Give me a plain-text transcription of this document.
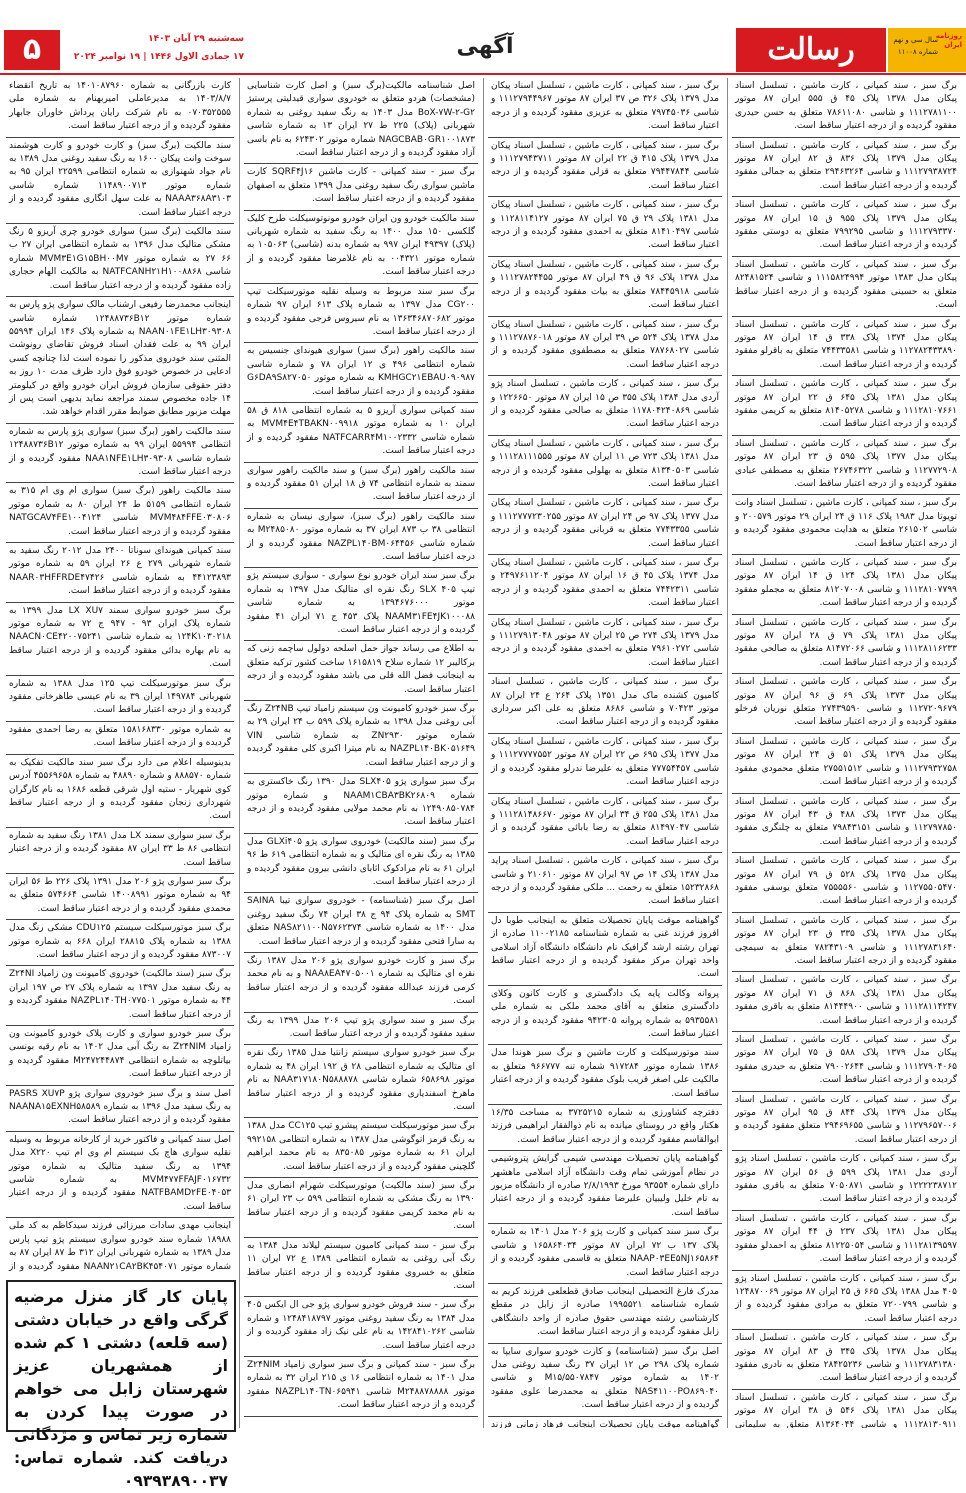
۵	سه‌شنبه ۲۹ آبان ۱۴۰۳
۱۷ جمادی الاول ۱۴۴۶ | ۱۹ نوامبر ۲۰۲۴	آگهی	رسالت	روزنامه ایران
سال سی و نهم
شماره ۱۱۰۰۸
برگ سبز ، سند کمپانی ، کارت ماشین ، تسلسل اسناد پیکان مدل ۱۳۷۸ پلاک ۴۵ ق ۵۵۵ ایران ۸۷ موتور ۱۱۱۲۷۸۱۱۰۰ و شاسی ۷۸۶۱۱۰۸۰ متعلق به حسن حیدری مفقود گردیده و از درجه اعتبار ساقط است.
برگ سبز ، سند کمپانی ، کارت ماشین ، تسلسل اسناد پیکان مدل ۱۳۷۹ پلاک ۸۳۶ ق ۸۲ ایران ۸۷ موتور ۱۱۱۲۷۹۳۸۷۲۴ و شاسی ۲۹۴۶۳۲۶۴ متعلق به جمالی مفقود گردیده و از درجه اعتبار ساقط است.
برگ سبز ، سند کمپانی ، کارت ماشین ، تسلسل اسناد پیکان مدل ۱۳۷۹ پلاک ۹۵۵ ق ۱۵ ایران ۸۷ موتور ۱۱۱۲۷۹۳۳۷۰ و شاسی ۷۹۹۲۹۵ متعلق به دوستی مفقود گردیده و از درجه اعتبار ساقط است.
برگ سبز ، سند کمپانی ، کارت ماشین ، تسلسل اسناد پیکان مدل ۱۳۸۳ موتور ۱۱۱۵۸۲۴۹۹۴ و شاسی ۸۲۴۸۱۵۲۴ متعلق به حسینی مفقود گردیده و از درجه اعتبار ساقط است.
برگ سبز ، سند کمپانی ، کارت ماشین ، تسلسل اسناد پیکان مدل ۱۳۷۴ پلاک ۳۳۸ ق ۱۴ ایران ۸۷ موتور ۱۱۲۷۸۲۴۳۳۸۹۰ و شاسی ۷۴۴۳۳۵۸۱ متعلق به باقرلو مفقود گردیده و از درجه اعتبار ساقط است.
برگ سبز ، سند کمپانی ، کارت ماشین ، تسلسل اسناد پیکان مدل ۱۳۸۱ پلاک ۶۴۵ ق ۲۲ ایران ۸۷ موتور ۱۱۱۲۸۱۰۷۶۶۱ و شاسی ۸۱۴۰۵۲۷۸ متعلق به کریمی مفقود گردیده و از درجه اعتبار ساقط است.
برگ سبز ، سند کمپانی ، کارت ماشین ، تسلسل اسناد پیکان مدل ۱۳۷۷ پلاک ۵۹۵ ق ۲۳ ایران ۸۷ موتور ۱۱۲۷۷۲۹۰۸ و شاسی ۲۶۷۴۶۳۲۲ متعلق به مصطفی عبادی مفقود گردیده و از درجه اعتبار ساقط است.
برگ سبز ، سند کمپانی ، کارت ماشین ، تسلسل اسناد وانت تویوتا مدل ۱۹۸۳ پلاک ۱۱۶ ق ۲۴ ایران ۲۹ موتور ۲۰۰۵۷۹ و شاسی ۲۶۱۵۰۲ متعلق به هدایت محمودی مفقود گردیده و از درجه اعتبار ساقط است.
برگ سبز ، سند کمپانی ، کارت ماشین ، تسلسل اسناد پیکان مدل ۱۳۸۱ پلاک ۱۲۴ ق ۱۴ ایران ۸۷ موتور ۱۱۱۲۸۱۰۷۷۹۹ و شاسی ۸۱۲۰۷۰۰۸ متعلق به مجملو مفقود گردیده و از درجه اعتبار ساقط است.
برگ سبز ، سند کمپانی ، کارت ماشین ، تسلسل اسناد پیکان مدل ۱۳۸۱ پلاک ۷۹ ق ۲۸ ایران ۸۷ موتور ۱۱۱۲۸۱۱۶۲۳۳ و شاسی ۸۱۴۷۲۰۶۶ متعلق به صالحی مفقود گردیده و از درجه اعتبار ساقط است.
برگ سبز ، سند کمپانی ، کارت ماشین ، تسلسل اسناد پیکان مدل ۱۳۷۳ پلاک ۶۹ ق ۹۶ ایران ۸۷ موتور ۱۱۲۷۲۰۹۶۷۹ و شاسی ۲۷۴۳۹۵۹۰ متعلق نوریان فرخلو مفقود گردیده و از درجه اعتبار ساقط است.
برگ سبز ، سند کمپانی ، کارت ماشین ، تسلسل اسناد پیکان مدل ۱۳۷۹ پلاک ۵۱ ق ۲۴ ایران ۸۷ موتور ۱۱۱۲۷۹۳۲۷۵۸ و شاسی ۲۷۵۵۱۵۱۲ متعلق محمودی مفقود گردیده و از درجه اعتبار ساقط است.
برگ سبز ، سند کمپانی ، کارت ماشین ، تسلسل اسناد پیکان مدل ۱۳۷۳ پلاک ۴۸۸ ق ۴۳ ایران ۸۷ موتور ۱۱۲۷۹۷۸۵۰ و شاسی ۷۹۸۴۳۱۵۱ متعلق به چلنگری مفقود گردیده و از درجه اعتبار ساقط است.
برگ سبز ، سند کمپانی ، کارت ماشین ، تسلسل اسناد پیکان مدل ۱۳۷۵ پلاک ۵۲۸ ق ۷۹ ایران ۸۷ موتور ۱۱۲۷۵۵۰۵۴۷۰ و شاسی ۷۵۵۵۵۶۰ متعلق یوسفی مفقود گردیده و از درجه اعتبار ساقط است.
برگ سبز ، سند کمپانی ، کارت ماشین ، تسلسل اسناد پیکان مدل ۱۳۷۸ پلاک ۳۳۵ ق ۲۳ ایران ۸۷ موتور ۱۱۱۲۷۸۳۱۶۴۰ و شاسی ۷۸۲۴۳۱۰۹ متعلق به سیمچی مفقود گردیده و از درجه اعتبار ساقط است.
برگ سبز ، سند کمپانی ، کارت ماشین ، تسلسل اسناد پیکان مدل ۱۳۸۱ پلاک ۸۶۸ ق ۷۱ ایران ۸۷ موتور ۱۱۱۲۸۱۱۴۲۴۷ و شاسی ۸۱۴۴۴۹۰۰ متعلق به باقری مفقود گردیده و از درجه اعتبار ساقط است.
برگ سبز ، سند کمپانی ، کارت ماشین ، تسلسل اسناد پیکان مدل ۱۳۷۹ پلاک ۵۸۸ ق ۷۵ ایران ۸۷ موتور ۱۱۱۲۷۹۰۴۰۶۵ و شاسی ۷۹۰۰۲۶۴۴ متعلق به حیدری مفقود گردیده و از درجه اعتبار ساقط است.
برگ سبز ، سند کمپانی ، کارت ماشین ، تسلسل اسناد پیکان مدل ۱۳۷۹ پلاک ۸۴۴ ق ۹۵ ایران ۸۷ موتور ۱۱۲۷۹۶۵۷۰۰۶ و شاسی ۲۹۴۶۹۶۵۵ متعلق مفقود گردیده و از درجه اعتبار ساقط است.
برگ سبز ، سند کمپانی ، کارت ماشین ، تسلسل اسناد پژو آردی مدل ۱۳۸۱ پلاک ۵۹۹ ق ۵۶ ایران ۸۷ موتور ۱۲۲۲۲۳۸۷۱۲ و شاسی ۷۰۵۰۸۷۱ متعلق به باقری مفقود گردیده و از درجه اعتبار ساقط است.
برگ سبز ، سند کمپانی ، کارت ماشین ، تسلسل اسناد پیکان مدل ۱۳۸۱ پلاک ۲۳۷ ق ۴۴ ایران ۸۷ موتور ۱۱۱۲۸۱۳۹۵۹۷ و شاسی ۸۱۲۲۵۰۵۴ متعلق به احمدلو مفقود گردیده و از درجه اعتبار ساقط است.
برگ سبز ، سند کمپانی ، کارت ماشین ، تسلسل اسناد پژو ۴۰۵ مدل ۱۳۸۸ پلاک ۶۶۵ ق ۲۵ ایران ۸۷ موتور ۱۲۴۸۷۰۰۶۹ و شاسی ۷۲۰۰۷۹۹ متعلق به مرادی مفقود گردیده و از درجه اعتبار ساقط است.
برگ سبز ، سند کمپانی ، کارت ماشین ، تسلسل اسناد پیکان مدل ۱۳۷۸ پلاک ۳۴۵ ق ۸۳ ایران ۸۷ موتور ۱۱۱۲۷۸۳۱۳۸۰ و شاسی ۲۸۴۲۵۲۳۶ متعلق به نادری مفقود گردیده و از درجه اعتبار ساقط است.
برگ سبز ، سند کمپانی ، کارت ماشین ، تسلسل اسناد پیکان مدل ۱۳۸۱ پلاک ۵۴۶ ق ۳۸ ایران ۸۷ موتور ۱۱۱۲۸۱۳۰۹۱۱ و شاسی ۸۱۳۶۴۰۴۴ متعلق به سلیمانی
برگ سبز ، سند کمپانی ، کارت ماشین ، تسلسل اسناد پیکان مدل ۱۳۷۹ پلاک ۳۲۶ ص ۳۷ ایران ۸۷ موتور ۱۱۱۲۷۹۴۴۹۶۷ و شاسی ۷۹۷۴۵۰۳۶ متعلق به عزیزی مفقود گردیده و از درجه اعتبار ساقط است.
برگ سبز ، سند کمپانی ، کارت ماشین ، تسلسل اسناد پیکان مدل ۱۳۷۹ پلاک ۴۱۵ ق ۲۲ ایران ۸۷ موتور ۱۱۱۲۷۹۴۳۷۱۱ و شاسی ۷۹۴۴۷۸۴۴ متعلق به قزلی مفقود گردیده و از درجه اعتبار ساقط است.
برگ سبز ، سند کمپانی ، کارت ماشین ، تسلسل اسناد پیکان مدل ۱۳۸۱ پلاک ۲۹ ق ۷۵ ایران ۸۷ موتور ۱۱۲۸۱۱۴۱۲۷ و شاسی ۸۱۴۱۰۴۹۷ متعلق به احمدی مفقود گردیده و از درجه اعتبار ساقط است.
برگ سبز ، سند کمپانی ، کارت ماشین ، تسلسل اسناد پیکان مدل ۱۳۷۸ پلاک ۹۶ ق ۴۹ ایران ۸۷ موتور ۱۱۱۲۷۸۲۴۴۵۵ و شاسی ۷۸۴۴۵۹۱۸ متعلق به بیات مفقود گردیده و از درجه اعتبار ساقط است.
برگ سبز ، سند کمپانی ، کارت ماشین ، تسلسل اسناد پیکان مدل ۱۳۷۸ پلاک ۵۲۴ ص ۳۹ ایران ۸۷ موتور ۱۱۱۲۷۸۷۶۰۱۸ و شاسی ۷۸۷۶۸۰۲۷ متعلق به مصطفوی مفقود گردیده و از درجه اعتبار ساقط است.
برگ سبز ، سند کمپانی ، کارت ماشین ، تسلسل اسناد پژو آردی مدل ۱۳۸۴ پلاک ۳۵۵ ص ۱۵ ایران ۸۷ موتور ۱۲۲۶۶۵۰ و شاسی ۱۱۷۸۰۴۲۴۰۸۶۹ متعلق به صالحی مفقود گردیده و از درجه اعتبار ساقط است.
برگ سبز ، سند کمپانی ، کارت ماشین ، تسلسل اسناد پیکان مدل ۱۳۸۱ پلاک ۷۲۳ ص ۱۱ ایران ۸۷ موتور ۱۱۱۲۸۱۱۱۵۵۵ و شاسی ۸۱۳۴۰۵۰۳ متعلق به بهلولی مفقود گردیده و از درجه اعتبار ساقط است.
برگ سبز ، سند کمپانی ، کارت ماشین ، تسلسل اسناد پیکان مدل ۱۳۷۷ پلاک ۹۷ ص ۲۴ ایران ۸۷ موتور ۱۱۱۲۷۷۷۲۳۰۲۵۵ و شاسی ۷۷۴۳۳۵۵ متعلق به قربانی مفقود گردیده و از درجه اعتبار ساقط است.
برگ سبز ، سند کمپانی ، کارت ماشین ، تسلسل اسناد پیکان مدل ۱۳۷۴ پلاک ۴۵ ق ۱۶ ایران ۸۷ موتور ۲۴۹۷۶۱۱۲۰۴ و شاسی ۷۴۴۲۳۱۱ متعلق به احمدی مفقود گردیده و از درجه اعتبار ساقط است.
برگ سبز ، سند کمپانی ، کارت ماشین ، تسلسل اسناد پیکان مدل ۱۳۷۹ پلاک ۲۷۴ ص ۲۵ ایران ۸۷ موتور ۱۱۱۲۷۹۱۳۰۴۸ و شاسی ۷۹۶۱۰۲۷۲ متعلق به احمدی مفقود گردیده و از درجه اعتبار ساقط است.
برگ سبز ، سند کمپانی ، کارت ماشین ، تسلسل اسناد کامیون کشنده ماک مدل ۱۳۵۱ پلاک ۲۶۴ ع ۲۴ ایران ۸۷ موتور ۷۰۴۲۳ و شاسی ۸۶۸۶ متعلق به علی اکبر سرداری مفقود گردیده و از درجه اعتبار ساقط است.
برگ سبز ، سند کمپانی ، کارت ماشین ، تسلسل اسناد پیکان مدل ۱۳۷۷ پلاک ۶۹۵ ص ۲۲ ایران ۸۷ موتور ۱۱۱۲۷۷۷۷۵۵۲ و شاسی ۷۷۷۵۴۴۵۷ متعلق به علیرضا ندرلو مفقود گردیده و از درجه اعتبار ساقط است.
برگ سبز ، سند کمپانی ، کارت ماشین ، تسلسل اسناد پیکان مدل ۱۳۸۱ پلاک ۲۵۵ ق ۳۴ ایران ۸۷ موتور ۱۱۱۲۸۱۴۸۶۶۷۰ و شاسی ۸۱۴۹۷۰۴۷ متعلق به رضا بابائی مفقود گردیده و از درجه اعتبار ساقط است.
برگ سبز ، سند کمپانی ، کارت ماشین ، تسلسل اسناد پراید مدل ۱۳۸۷ پلاک ۱۴ ص ۹۷ ایران ۸۷ موتور ۲۱۰۶۱۰ و شاسی ۱۵۲۳۲۸۶۸ متعلق به رحمت ... ملکی مفقود گردیده و از درجه اعتبار ساقط است.
گواهینامه موقت پایان تحصیلات متعلق به اینجانب طوبا دل افروز فرزند غنی به شماره شناسنامه ۱۱۰۰۲۱۸۵ صادره از تهران رشته ارشد گرافیک نام دانشگاه دانشگاه آزاد اسلامی واحد تهران مرکز مفقود گردیده و از درجه اعتبار ساقط است.
پروانه وکالت پایه یک دادگستری و کارت کانون وکلای دادگستری متعلق به آقای محمد ملکی به شماره ملی ۵۹۳۵۵۸۱ به شماره پروانه ۹۴۲۳۰۵ مفقود گردیده و از درجه اعتبار ساقط است.
سند موتورسیکلت و کارت ماشین و برگ سبز هوندا مدل ۱۳۸۶ شماره موتور ۹۱۷۲۸۴ شماره تنه ۹۶۶۷۷۷ متعلق به مالکیت علی اصغر قریب بلوک مفقود گردیده و از درجه اعتبار ساقط است.
دفترچه کشاورزی به شماره ۳۷۲۵۲۱۵ به مساحت ۱۶/۳۵ هکتار واقع در روستای میانده به نام ذوالفقار ابراهیمی فرزند ابوالقاسم مفقود گردیده و از درجه اعتبار ساقط است.
گواهینامه پایان تحصیلات مهندسی شیمی گرایش پتروشیمی در نظام آموزشی تمام وقت دانشگاه آزاد اسلامی ماهشهر دارای شماره ۹۳۵۵۴ مورخ ۲/۸/۱۹۹۳ صادره از دانشگاه مزبور به نام خلیل ولیبیان علیرضا مفقود گردیده و از درجه اعتبار ساقط است.
برگ سبز سند کمپانی و کارت پژو ۲۰۶ مدل ۱۴۰۱ به شماره پلاک ۱۳۷ ب ۷۲ ایران ۸۷ موتور ۱۶۵۸۶۴۰۳۴ و شاسی NAAP۰۳EE۵NJ۱۶۵۸۶۴ متعلق به قاسمی مفقود گردیده و از درجه اعتبار ساقط است.
مدرک فارغ التحصیلی اینجانب صادق قطعلعی فرزند کریم به شماره شناسنامه ۱۹۹۵۵۲۱ صادره از زابل در مقطع کارشناسی رشته مهندسی حقوق صادره از واحد دانشگاهی زابل مفقود گردیده و از درجه اعتبار ساقط است.
اصل برگ سبز (شناسنامه) و کارت خودرو سواری سایپا به شماره پلاک ۲۹۸ ص ۱۲ ایران ۳۷ رنگ سفید روغنی مدل ۱۴۰۲ به شماره موتور M۱۵/۵۵۰۷۸۴۷ و شاسی NAS۴۱۱۰۰PO۸۶۹۰۴۰ متعلق به محمدرضا علوی مفقود گردیده و از درجه اعتبار ساقط است.
گواهینامه موقت پایان تحصیلات اینجانب فرهاد زمانی فرزند
اصل شناسنامه مالکیت(برگ سبز) و اصل کارت شناسایی (مشخصات) هردو متعلق به خودروی سواری قیدلیتی پرستیژ BoX-۷W-۲-G۲ مدل ۱۴۰۳ به رنگ سفید روغنی به شماره شهربانی (پلاک) ۲۲۵ ط ۲۷ ایران ۱۳ به شماره شاسی NAGCBAB۰GR۱۰۰۱۸۷۳ شماره موتور ۶۲۴۳۰۲ به نام باسی آزاد مفقود گردیده و از درجه اعتبار ساقط است.
برگ سبز - سند کمپانی - کارت ماشین SQRF۴J۱۶ کارت ماشین سواری رنگ سفید روغنی مدل ۱۳۹۹ متعلق به اصفهان مفقود گردیده و از درجه اعتبار ساقط است.
سند مالکیت خودرو ون ایران خودرو مونوتوسیکلت طرح کلیک گلکسی ۱۵۰ مدل ۱۴۰۰ به رنگ سفید به شماره شهربانی (پلاک) ۴۹۳۹۷ ایران ۹۹۷ به شماره بدنه (شاسی) ۱۰۵۰۶۳ به شماره موتور ۰۰۴۳۲۱ به نام غلامرضا مفقود گردیده و از درجه اعتبار ساقط است.
برگ سبز سند مربوط به وسیله نقلیه موتورسیکلت تیپ CG۲۰۰ مدل ۱۳۹۷ به شماره پلاک ۶۱۳ ایران ۹۷ شماره موتور ۱۳۶۳۴۶۸۷۰۶۸۲ به نام سیروس فرجی مفقود گردیده و از درجه اعتبار ساقط است.
سند مالکیت راهور (برگ سبز) سواری هیوندای جنسیس به شماره انتظامی ۴۹۶ ی ۱۲ ایران ۷۸ و شماره شاسی KMHGC۲۱EBAU۰۹۰۹۸۷ به شماره موتور G۶DA۹S۸۲۷۰۵۰ مفقود گردیده و از درجه اعتبار ساقط است.
سند کمپانی سواری آریزو ۵ به شماره انتظامی ۸۱۸ ق ۵۸ ایران ۱۰ به شماره موتور MVM۴E۴TBAKN۰۰۹۹۱۸ به شماره شاسی NATFCARR۴M۱۰۰۲۳۳۲ مفقود گردیده و از درجه اعتبار ساقط است.
سند مالکیت راهور (برگ سبز) و سند مالکیت راهور سواری سمند به شماره انتظامی ۷۴ ق ۱۸ ایران ۵۱ مفقود گردیده و از درجه اعتبار ساقط است.
سند مالکیت راهور (برگ سبز)، سواری نیسان به شماره انتظامی ۳۸ ب ۸۷۳ ایران ۳۷ به شماره موتور M۲۴۸۵۰۸۰ به شماره شاسی NAZPL۱۴۰BM۰۶۴۴۵۶ مفقود گردیده و از درجه اعتبار ساقط است.
برگ سبز سند ایران خودرو نوع سواری - سواری سیستم پژو تیپ SLX ۴۰۵ رنگ نقره ای متالیک مدل ۱۳۹۷ به شماره موتور ۱۳۹۴۶۷۶۰۰۰ به شماره شاسی NAAM۳۱FE۴JK۱۰۰۰۸۸ پلاک ۴۵۳ ج ۷۱ ایران ۴۱ مفقود گردیده و از درجه اعتبار ساقط است.
به اطلاع می رساند جواز حمل اسلحه دولول ساچمه زنی که برکالیبر ۱۲ شماره سلاح ۱۶۱۵۸۱۹ ساخت کشور ترکیه متعلق به اینجانب فضل الله قلی می باشد مفقود گردیده و از درجه اعتبار ساقط است.
برگ سبز خودرو کامیونت ون سیستم زامیاد تیپ Z۲۴NB رنگ آبی روغنی مدل ۱۳۹۸ به شماره پلاک ۵۹۹ ب ۲۴ ایران ۲۹ به شماره موتور ZN۲۹۳۰ به شماره شاسی VIN NAZPL۱۴۰BK۰۵۱۶۴۹ به نام میترا اکبری کلی مفقود گردیده و از درجه اعتبار ساقط است.
برگ سبز سواری پژو SLX۴۰۵ مدل ۱۳۹۰ رنگ خاکستری به شماره NAAM۱CBA۳BK۲۶۸۰۹ و شماره موتور ۱۲۴۹۰۸۵۰۷۸۴ به نام محمد مولایی مفقود گردیده و از درجه اعتبار ساقط است.
برگ سبز (سند مالکیت) خودروی سواری پژو GLXi۴۰۵ مدل ۱۳۸۵ به رنگ نقره ای متالیک و به شماره انتظامی ۶۱۹ ط ۹۶ ایران ۶۱ به نام مرادکوک اثابای دانشی بیرون مفقود گردیده و از درجه اعتبار ساقط است.
اصل برگ سبز (شناسنامه) - خودروی سواری تیبا SAINA SMT به شماره پلاک ۹۴ ج ۳۸ ایران ۷۴ رنگ سفید روغنی مدل ۱۴۰۰ به شماره شاسی NAS۸۲۱۱۰۰N۵۷۶۲۳۷۴ متعلق به سارا فتحی مفقود گردیده و از درجه اعتبار ساقط است.
برگ سبز و کارت خودرو سواری پژو ۲۰۶ مدل ۱۳۸۷ رنگ نقره ای متالیک به شماره NAA۸EA۴۷۰۵۰۰۱ و به نام محمد کرمی فرزند عبدالله مفقود گردیده و از درجه اعتبار ساقط است.
برگ سبز و سند سواری پژو تیپ ۲۰۶ مدل ۱۳۹۹ به رنگ سفید مفقود گردیده و از درجه اعتبار ساقط است.
برگ سبز خودرو سواری سیستم زانتیا مدل ۱۳۸۵ رنگ نقره ای متالیک به شماره انتظامی ۲۸ ق ۱۹۲ ایران ۴۸ به شماره موتور ۶۵۸۶۹۸ شماره شاسی NAA۳۱۷۱۸۰N۵۸۸۸۷۸ به نام ماهرخ اسفندیاری مفقود گردیده و از درجه اعتبار ساقط است.
برگ سبز موتورسیکلت سیستم پیشرو تیپ CC۱۲۵ مدل ۱۳۸۸ به رنگ قرمز اتوگوشی مدل ۱۳۸۷ به شماره انتظامی ۹۹۲۱۵۸ ایران ۶۱ به شماره موتور ۸۳۵۰۸۵ به نام محمد ابراهیم گلچینی مفقود گردیده و از درجه اعتبار ساقط است.
برگ سبز (سند مالکیت) موتورسیکلت شهرام انصاری مدل ۱۳۹۰ به رنگ مشکی به شماره انتظامی ۵۹۹ ب ۲۳ ایران ۶۱ به نام محمد کریمی مفقود گردیده و از درجه اعتبار ساقط است.
برگ سبز - سند کمپانی کامیون سیستم لیلاند مدل ۱۳۸۴ به رنگ آبی روغنی به شماره انتظامی ۱۳۸۹ ع ۷۲ ایران ۱۱ متعلق به خسروی مفقود گردیده و از درجه اعتبار ساقط است.
برگ سبز - سند فروش خودرو سواری پژو جی ال ایکس ۴۰۵ مدل ۱۳۸۴ به رنگ سفید روغنی موتور ۱۲۴۸۴۱۸۷۹۷ و شماره شاسی ۱۴۲۸۴۱۰۲۶۲ به نام علی نیک زاد مفقود گردیده و از درجه اعتبار ساقط است.
برگ سبز - سند کمپانی و برگ سبز سواری زامیاد Z۲۴NIM مدل ۱۴۰۱ به شماره انتظامی ۱۶ ی ۲۱۵ ایران ۳۲ به شماره موتور M۲۴۸۸۷۸۸۸۸ شاسی NAZPL۱۴۰TN۰۶۵۹۴۱ مفقود گردیده و از درجه اعتبار ساقط است.
کارت بازرگانی به شماره ۱۴۰۱۰۸۷۹۶۰ به تاریخ انقضاء ۱۴۰۳/۸/۷ به مدیرعاملی امیربهنام به شماره ملی ۰۷۰۳۵۲۵۵۵ به نام شرکت رایان پرداش خاوران جابهار مفقود گردیده و از درجه اعتبار ساقط است.
سند مالکیت (برگ سبز) و کارت خودرو و کارت هوشمند سوخت وانت پیکان ۱۶۰۰ به رنگ سفید روغنی مدل ۱۳۸۹ به نام جواد شهنوازی به شماره انتظامی ۲۲۵۹۹ ایران ۹۵ به شماره موتور ۱۱۴۸۹۰۰۷۱۳ شماره شاسی NAAA۳۶۸A۳۱۰۳ به علت سهل انگاری مفقود گردیده و از درجه اعتبار ساقط است.
سند مالکیت (برگ سبز) سواری خودرو چری آریزو ۵ رنگ مشکی متالیک مدل ۱۳۹۶ به شماره انتظامی ایران ۲۷ ب ۶۶ ۲۷ به شماره موتور MVM۳E۱G۱۵BH۰۰M۷ شماره شاسی NATFCANH۲۱H۱۰۰۸۸۶۸ به مالکیت الهام حجاری زاده مفقود گردیده و از درجه اعتبار ساقط است.
اینجانب محمدرضا رفیعی ارشناب مالک سواری پژو پارس به شماره موتور ۱۲۴۸۸۷۳۶B۱۲ شماره شاسی NAAN۰۱FE۱LH۳۰۹۳۰۸ به شماره پلاک ۱۴۶ ایران ۵۵۹۹۴ ایران ۹۹ به علت فقدان اسناد فروش تقاضای رونوشت المثنی سند خودروی مذکور را نموده است لذا چنانچه کسی ادعایی در خصوص خودرو فوق دارد ظرف مدت ۱۰ روز به دفتر حقوقی سازمان فروش ایران خودرو واقع در کیلومتر ۱۴ جاده مخصوص سمند مراجعه نماید بدیهی است پس از مهلت مزبور مطابق ضوابط مقرر اقدام خواهد شد.
سند مالکیت راهور (برگ سبز) سواری پژو پارس به شماره انتظامی ۵۵۹۹۴ ایران ۹۹ به شماره موتور ۱۲۴۸۸۷۳۶B۱۲ شماره شاسی NAA۱NFE۱LH۳۰۹۳۰۸ مفقود گردیده و از درجه اعتبار ساقط است.
سند مالکیت راهور (برگ سبز) سواری ام وی ام ۳۱۵ به شماره انتظامی ۵۱۵۹ ط ۲۴ ایران ۸۰ به شماره موتور MVM۴۸۴FFE۰۳۰۸۰۶ شاسی NATGCAV۴FE۱۰۰۴۱۲۴ مفقود گردیده و از درجه اعتبار ساقط است.
سند کمپانی هیوندای سوناتا ۲۴۰۰ مدل ۲۰۱۲ رنگ سفید به شماره شهربانی ۲۷۹ ع ۲۶ ایران ۵۹ به شماره موتور ۴۴۱۲۳۸۹۳ به شماره شاسی NAAR۰۳HFFRDE۴۷۴۲۶ مفقود گردیده و از درجه اعتبار ساقط است.
برگ سبز خودرو سواری سمند LX XU۷ مدل ۱۳۹۹ به شماره پلاک ایران ۹۳ - ۹۴۷ ج ۷۲ به شماره موتور ۱۲۴K۱۰۳۰۲۱۸ به شماره شاسی NAACN۰CE۴۲۰۰۷۵۲۴۱ به نام بهاره بدائی مفقود گردیده و از درجه اعتبار ساقط است.
برگ سبز موتورسیکلت تیپ ۱۲۵ مدل ۱۳۸۸ به شماره شهربانی ۱۴۹۷۸۴ ایران ۳۹ به نام عیسی طاهرخانی مفقود گردیده و از درجه اعتبار ساقط است.
به شماره موتور ۱۵۸۱۶۸۳۳۰ متعلق به رضا احمدی مفقود گردیده و از درجه اعتبار ساقط است.
بدینوسیله اعلام می دارد برگ سبز سند مالکیت تفکیک به شماره ۸۸۸۵۷۰ و شماره ۴۸۸۹۰ به شماره ۴۵۵۶۹۶۵۸ آدرس کوی شهریار - ستیه اول شرقی قطعه ۱۶۸۶ به نام کارگران شهرداری زنجان مفقود گردیده و از درجه اعتبار ساقط است.
برگ سبز سواری سمند LX مدل ۱۳۸۱ رنگ سفید به شماره انتظامی ۸۶ ط ۳۳ ایران ۸۷ مفقود گردیده و از درجه اعتبار ساقط است.
برگ سبز سواری پژو ۲۰۶ مدل ۱۳۹۱ پلاک ۲۲۶ ط ۵۶ ایران ۹۴ به شماره موتور ۱۴۰۰۸۹۹۱ شاسی ۵۷۴۶۶۴ متعلق به محمدی مفقود گردیده و از درجه اعتبار ساقط است.
برگ سبز موتورسیکلت سیستم CDU۱۲۵ مشکی رنگ مدل ۱۳۸۸ به شماره پلاک ۲۸۸۱۵ ایران ۶۶۸ به شماره موتور ۸۷۳۰۰۷ مفقود گردیده و از درجه اعتبار ساقط است.
برگ سبز (سند مالکیت) خودروی کامیونت ون زامیاد Z۲۴NI به رنگ سفید مدل ۱۳۹۷ به شماره پلاک ۲۷ ص ۱۹۷ ایران ۴۴ به شماره موتور NAZPL۱۴۰TH۰۷۷۵۰۱ مفقود گردیده و از درجه اعتبار ساقط است.
برگ سبز خودرو سواری و کارت پلاک خودرو کامیونت ون زامیاد Z۲۴NIM به رنگ آبی مدل ۱۴۰۲ به نام رقیه بونسی بیاتلوچه به شماره انتظامی M۲۴۷۲۴۴۸۷۴ مفقود گردیده و از درجه اعتبار ساقط است.
اصل سند و برگ سبز خودروی سواری پژو PASRS XU۷P به رنگ سفید مدل ۱۳۹۶ به شماره NAANA۱۵EXNH۵۸۵۸۹ مفقود گردیده و از درجه اعتبار ساقط است.
اصل سند کمپانی و فاکتور خرید از کارخانه مربوط به وسیله نقلیه سواری هاچ بک سیستم ام وی ام تیپ X۲۲۰ مدل ۱۳۹۴ به رنگ سفید متالیک به شماره موتور MVM۴۷۷FFAJF۰۱۶۷۳۲ به شماره شاسی NATFBAMD۲FE۰۴۰۵۳ مفقود گردیده و از درجه اعتبار ساقط است.
اینجانب مهدی سادات میرزائی فرزند سیدکاظم به کد ملی ۱۸۹۸۸ شماره سند خودرو سواری سیستم پژو تیپ پارس مدل ۱۳۸۹ به شماره شهربانی ایران ۳۱۲ ط ۸۷ ایران ۸۷ به شماره موتور NAAN۲۱CA۲BK۴۵۴۰۷۱ مفقود گردیده و از

پایان کار گاز منزل مرضیه گرگی واقع در خیابان دشتی (سه قلعه) دشتی ۱ کم شده از همشهریان عزیز شهرستان زابل می خواهم در صورت پیدا کردن به شماره زیر تماس و مژدگانی دریافت کند. شماره تماس: ۰۹۳۹۳۸۹۰۰۳۷
